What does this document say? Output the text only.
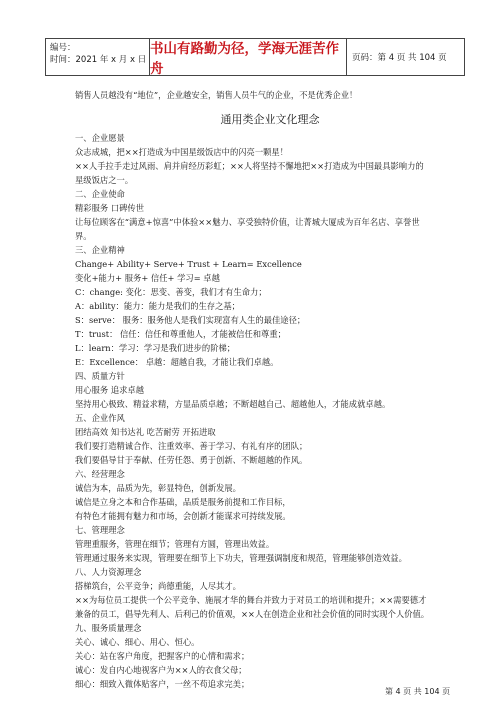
编号：
时间：2021 年 x 月 x 日
书山有路勤为径，学海无涯苦作舟
页码：第 4 页 共 104 页

销售人员越没有“地位”，企业越安全，销售人员牛气的企业，不是优秀企业！

通用类企业文化理念

一、企业愿景

众志成城，把××打造成为中国星级饭店中的闪亮一颗星！

××人手拉手走过风雨、肩并肩经历彩虹；××人将坚持不懈地把××打造成为中国最具影响力的

星级饭店之一。

二、企业使命

精彩服务 口碑传世

让每位顾客在“满意+惊喜”中体验××魅力、享受独特价值，让菁城大厦成为百年名店、享誉世

界。

三、企业精神

Change+ Ability+ Serve+ Trust + Learn= Excellence

变化+能力+ 服务+ 信任+ 学习= 卓越

C：change: 变化：思变、善变，我们才有生命力；

A：ability：能力：能力是我们的生存之基；

S：serve： 服务：服务他人是我们实现富有人生的最佳途径；

T：trust： 信任：信任和尊重他人，才能被信任和尊重；

L：learn：学习：学习是我们进步的阶梯；

E：Excellence： 卓越：超越自我，才能让我们卓越。

四、质量方针

用心服务 追求卓越

坚持用心极致、精益求精，方显品质卓越；不断超越自己、超越他人，才能成就卓越。

五、企业作风

团结高效 知书达礼 吃苦耐劳 开拓进取

我们要打造精诚合作、注重效率、善于学习、有礼有序的团队；

我们要倡导甘于奉献、任劳任怨、勇于创新、不断超越的作风。

六、经营理念

诚信为本，品质为先，彰显特色，创新发展。

诚信是立身之本和合作基础，品质是服务前提和工作目标，

有特色才能拥有魅力和市场，会创新才能谋求可持续发展。

七、管理理念

管理重服务，管理在细节；管理有方圆，管理出效益。

管理通过服务来实现，管理要在细节上下功夫，管理强调制度和规范，管理能够创造效益。

八、人力资源理念

搭梯筑台，公平竞争；尚德重能，人尽其才。

××为每位员工提供一个公平竞争、施展才华的舞台并致力于对员工的培训和提升；××需要德才

兼备的员工，倡导先利人、后利己的价值观，××人在创造企业和社会价值的同时实现个人价值。

九、服务质量理念

关心、诚心、细心、用心、恒心。

关心：站在客户角度，把握客户的心情和需求；

诚心：发自内心地视客户为××人的衣食父母；

细心：细致入微体贴客户，一丝不苟追求完美；

第 4 页 共 104 页
